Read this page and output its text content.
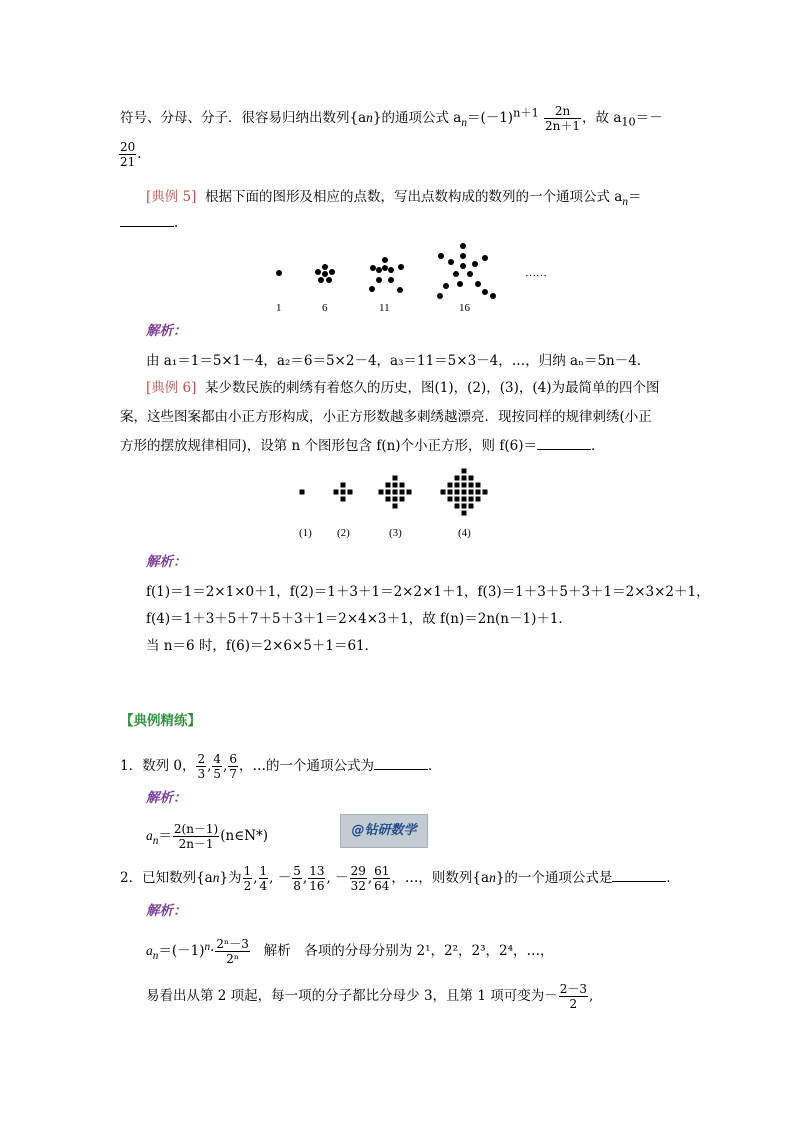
符号、分母、分子．很容易归纳出数列{an}的通项公式 $a_n=(-1)^{n+1} \frac{2n}{2n+1}$ ，故 $a_{10}=-$
$\frac{20}{21}$ .
[典例 5] 根据下面的图形及相应的点数，写出点数构成的数列的一个通项公式 $a_n=$
.
……
1	6	11	16
解析：
由 a₁＝1＝5×1－4，a₂＝6＝5×2－4，a₃＝11＝5×3－4，…，归纳 aₙ＝5n－4．
[典例 6] 某少数民族的刺绣有着悠久的历史，图(1)，(2)，(3)，(4)为最简单的四个图
案，这些图案都由小正方形构成，小正方形数越多刺绣越漂亮．现按同样的规律刺绣(小正
方形的摆放规律相同)，设第 n 个图形包含 f(n)个小正方形，则 f(6)＝	．
(1) (2)	(3)	(4)
解析：
f(1)＝1＝2×1×0＋1，f(2)＝1＋3＋1＝2×2×1＋1，f(3)＝1＋3＋5＋3＋1＝2×3×2＋1，
f(4)＝1＋3＋5＋7＋5＋3＋1＝2×4×3＋1，故 f(n)＝2n(n－1)＋1．
当 n＝6 时，f(6)＝2×6×5＋1＝61．
【典例精练】
1．数列 0， $\frac{2}{3}$ , $\frac{4}{5}$ , $\frac{6}{7}$ ，…的一个通项公式为	．
解析：
$a_n= \frac{2(n-1)}{2n-1}$ (n∈N*)	@钻研数学
2．已知数列{an}为 $\frac{1}{2}$ , $\frac{1}{4}$ , － $\frac{5}{8}$ , $\frac{13}{16}$ , － $\frac{29}{32}$ , $\frac{61}{64}$ ，…，则数列{an}的一个通项公式是	．
解析：
$a_n=(-1)^n\cdot \frac{\text{2ⁿ－3}}{\text{2ⁿ}}$ 解析　各项的分母分别为 2¹，2²，2³，2⁴，…，
易看出从第 2 项起，每一项的分子都比分母少 3，且第 1 项可变为－ $\frac{2-3}{2}$ ,
